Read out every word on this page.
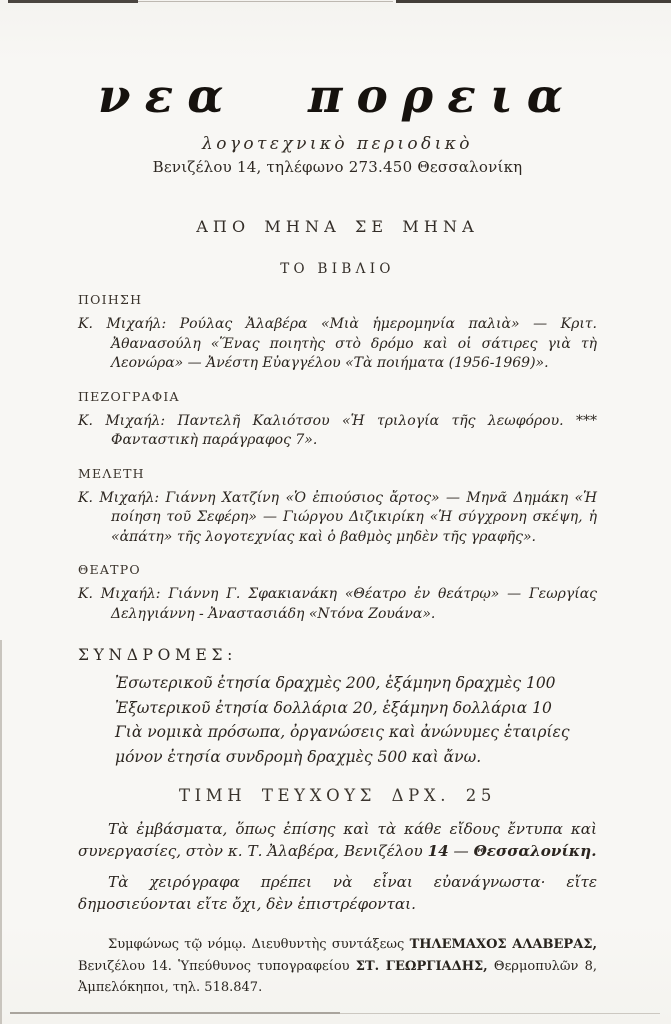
νεα πορεια
λογοτεχνικὸ περιοδικὸ
Βενιζέλου 14, τηλέφωνο 273.450 Θεσσαλονίκη
ΑΠΟ ΜΗΝΑ ΣΕ ΜΗΝΑ
ΤΟ ΒΙΒΛΙΟ
ΠΟΙΗΣΗ

Κ. Μιχαήλ: Ρούλας Ἀλαβέρα «Μιὰ ἡμερομηνία παλιὰ» — Κριτ. Ἀθανασούλη «Ἕνας ποιητὴς στὸ δρόμο καὶ οἱ σάτιρες γιὰ τὴ Λεονώρα» — Ἀνέστη Εὐαγγέλου «Τὰ ποιήματα (1956-1969)».

ΠΕΖΟΓΡΑΦΙΑ

Κ. Μιχαήλ: Παντελῆ Καλιότσου «Ἡ τριλογία τῆς λεωφόρου. *** Φανταστικὴ παράγραφος 7».

ΜΕΛΕΤΗ

Κ. Μιχαήλ: Γιάννη Χατζίνη «Ὁ ἐπιούσιος ἄρτος» — Μηνᾶ Δημάκη «Ἡ ποίηση τοῦ Σεφέρη» — Γιώργου Διζικιρίκη «Ἡ σύγχρονη σκέψη, ἡ «ἀπάτη» τῆς λογοτεχνίας καὶ ὁ βαθμὸς μηδὲν τῆς γραφῆς».

ΘΕΑΤΡΟ

Κ. Μιχαήλ: Γιάννη Γ. Σφακιανάκη «Θέατρο ἐν θεάτρῳ» — Γεωργίας Δεληγιάννη - Ἀναστασιάδη «Ντόνα Ζουάνα».

ΣΥΝΔΡΟΜΕΣ:

Ἐσωτερικοῦ ἐτησία δραχμὲς 200, ἑξάμηνη δραχμὲς 100

Ἐξωτερικοῦ ἐτησία δολλάρια 20, ἑξάμηνη δολλάρια 10

Γιὰ νομικὰ πρόσωπα, ὀργανώσεις καὶ ἀνώνυμες ἑταιρίες μόνον ἐτησία συνδρομὴ δραχμὲς 500 καὶ ἄνω.

ΤΙΜΗ ΤΕΥΧΟΥΣ ΔΡΧ. 25

Τὰ ἐμβάσματα, ὅπως ἐπίσης καὶ τὰ κάθε εἴδους ἔντυπα καὶ συνεργασίες, στὸν κ. Τ. Ἀλαβέρα, Βενιζέλου 14 — Θεσσαλονίκη.

Τὰ χειρόγραφα πρέπει νὰ εἶναι εὐανάγνωστα· εἴτε δημοσιεύονται εἴτε ὄχι, δὲν ἐπιστρέφονται.

Συμφώνως τῷ νόμῳ. Διευθυντὴς συντάξεως ΤΗΛΕΜΑΧΟΣ ΑΛΑΒΕΡΑΣ, Βενιζέλου 14. Ὑπεύθυνος τυπογραφείου ΣΤ. ΓΕΩΡΓΙΑΔΗΣ, Θερμοπυλῶν 8, Ἀμπελόκηποι, τηλ. 518.847.
